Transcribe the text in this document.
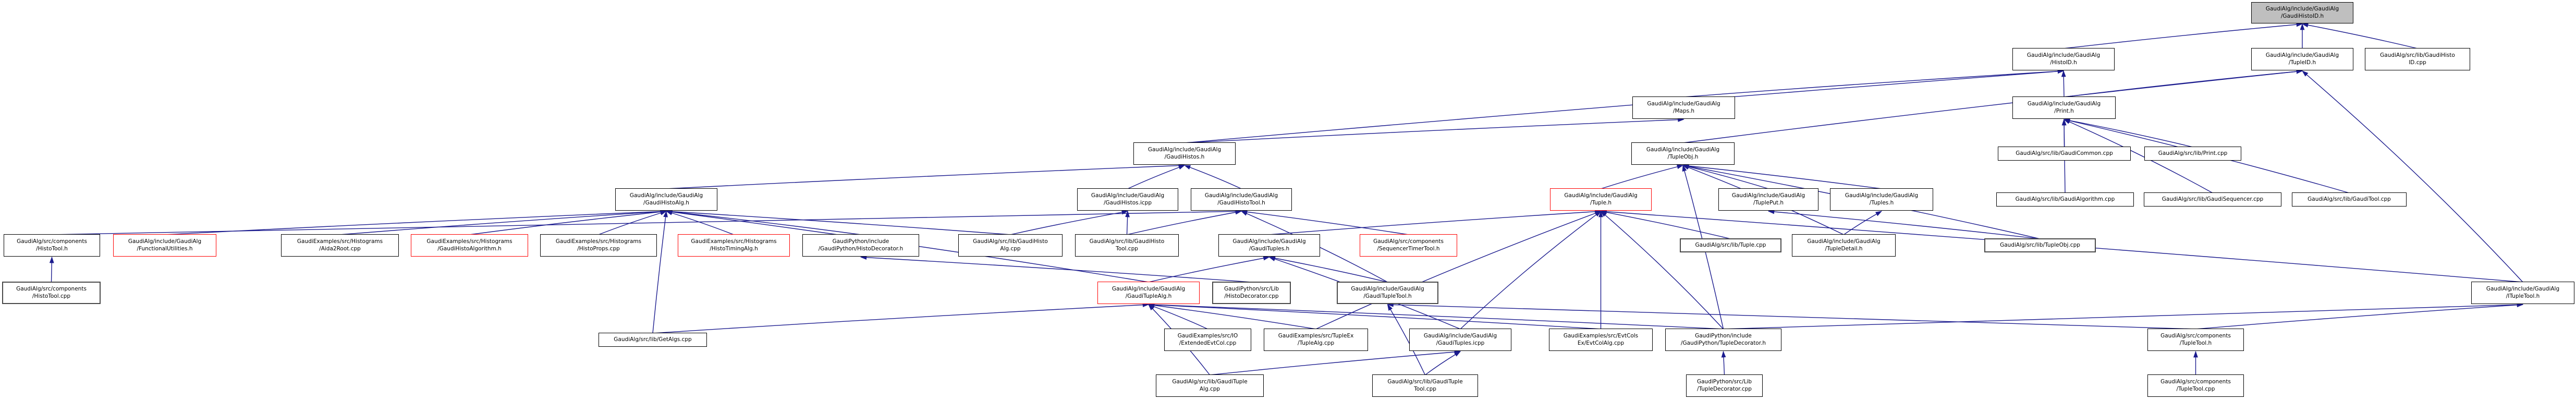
GaudiAlg/include/GaudiAlg
/GaudiHistoID.h
GaudiAlg/include/GaudiAlg
/HistoID.h
GaudiAlg/include/GaudiAlg
/TupleID.h
GaudiAlg/src/lib/GaudiHisto
ID.cpp
GaudiAlg/include/GaudiAlg
/Maps.h
GaudiAlg/include/GaudiAlg
/Print.h
GaudiAlg/include/GaudiAlg
/GaudiHistos.h
GaudiAlg/include/GaudiAlg
/TupleObj.h
GaudiAlg/src/lib/GaudiCommon.cpp	GaudiAlg/src/lib/Print.cpp
GaudiAlg/include/GaudiAlg
/GaudiHistoAlg.h
GaudiAlg/include/GaudiAlg
/GaudiHistos.icpp
GaudiAlg/include/GaudiAlg
/GaudiHistoTool.h
GaudiAlg/include/GaudiAlg
/Tuple.h
GaudiAlg/include/GaudiAlg
/TuplePut.h
GaudiAlg/include/GaudiAlg
/Tuples.h
GaudiAlg/src/lib/GaudiAlgorithm.cpp	GaudiAlg/src/lib/GaudiSequencer.cpp	GaudiAlg/src/lib/GaudiTool.cpp
GaudiAlg/src/components
/HistoTool.h
GaudiAlg/include/GaudiAlg
/FunctionalUtilities.h
GaudiExamples/src/Histograms
/Aida2Root.cpp
GaudiExamples/src/Histograms
/GaudiHistoAlgorithm.h
GaudiExamples/src/Histograms
/HistoProps.cpp
GaudiExamples/src/Histograms
/HistoTimingAlg.h
GaudiPython/include
/GaudiPython/HistoDecorator.h
GaudiAlg/src/lib/GaudiHisto
Alg.cpp
GaudiAlg/src/lib/GaudiHisto
Tool.cpp
GaudiAlg/include/GaudiAlg
/GaudiTuples.h
GaudiAlg/src/components
/SequencerTimerTool.h
GaudiAlg/src/lib/Tuple.cpp
GaudiAlg/include/GaudiAlg
/TupleDetail.h
GaudiAlg/src/lib/TupleObj.cpp
GaudiAlg/src/components
/HistoTool.cpp
GaudiAlg/include/GaudiAlg
/GaudiTupleAlg.h
GaudiPython/src/Lib
/HistoDecorator.cpp
GaudiAlg/include/GaudiAlg
/GaudiTupleTool.h
GaudiAlg/include/GaudiAlg
/ITupleTool.h
GaudiAlg/src/lib/GetAlgs.cpp
GaudiExamples/src/IO
/ExtendedEvtCol.cpp
GaudiExamples/src/TupleEx
/TupleAlg.cpp
GaudiAlg/include/GaudiAlg
/GaudiTuples.icpp
GaudiExamples/src/EvtCols
Ex/EvtColAlg.cpp
GaudiPython/include
/GaudiPython/TupleDecorator.h
GaudiAlg/src/components
/TupleTool.h
GaudiAlg/src/lib/GaudiTuple
Alg.cpp
GaudiAlg/src/lib/GaudiTuple
Tool.cpp
GaudiPython/src/Lib
/TupleDecorator.cpp
GaudiAlg/src/components
/TupleTool.cpp
